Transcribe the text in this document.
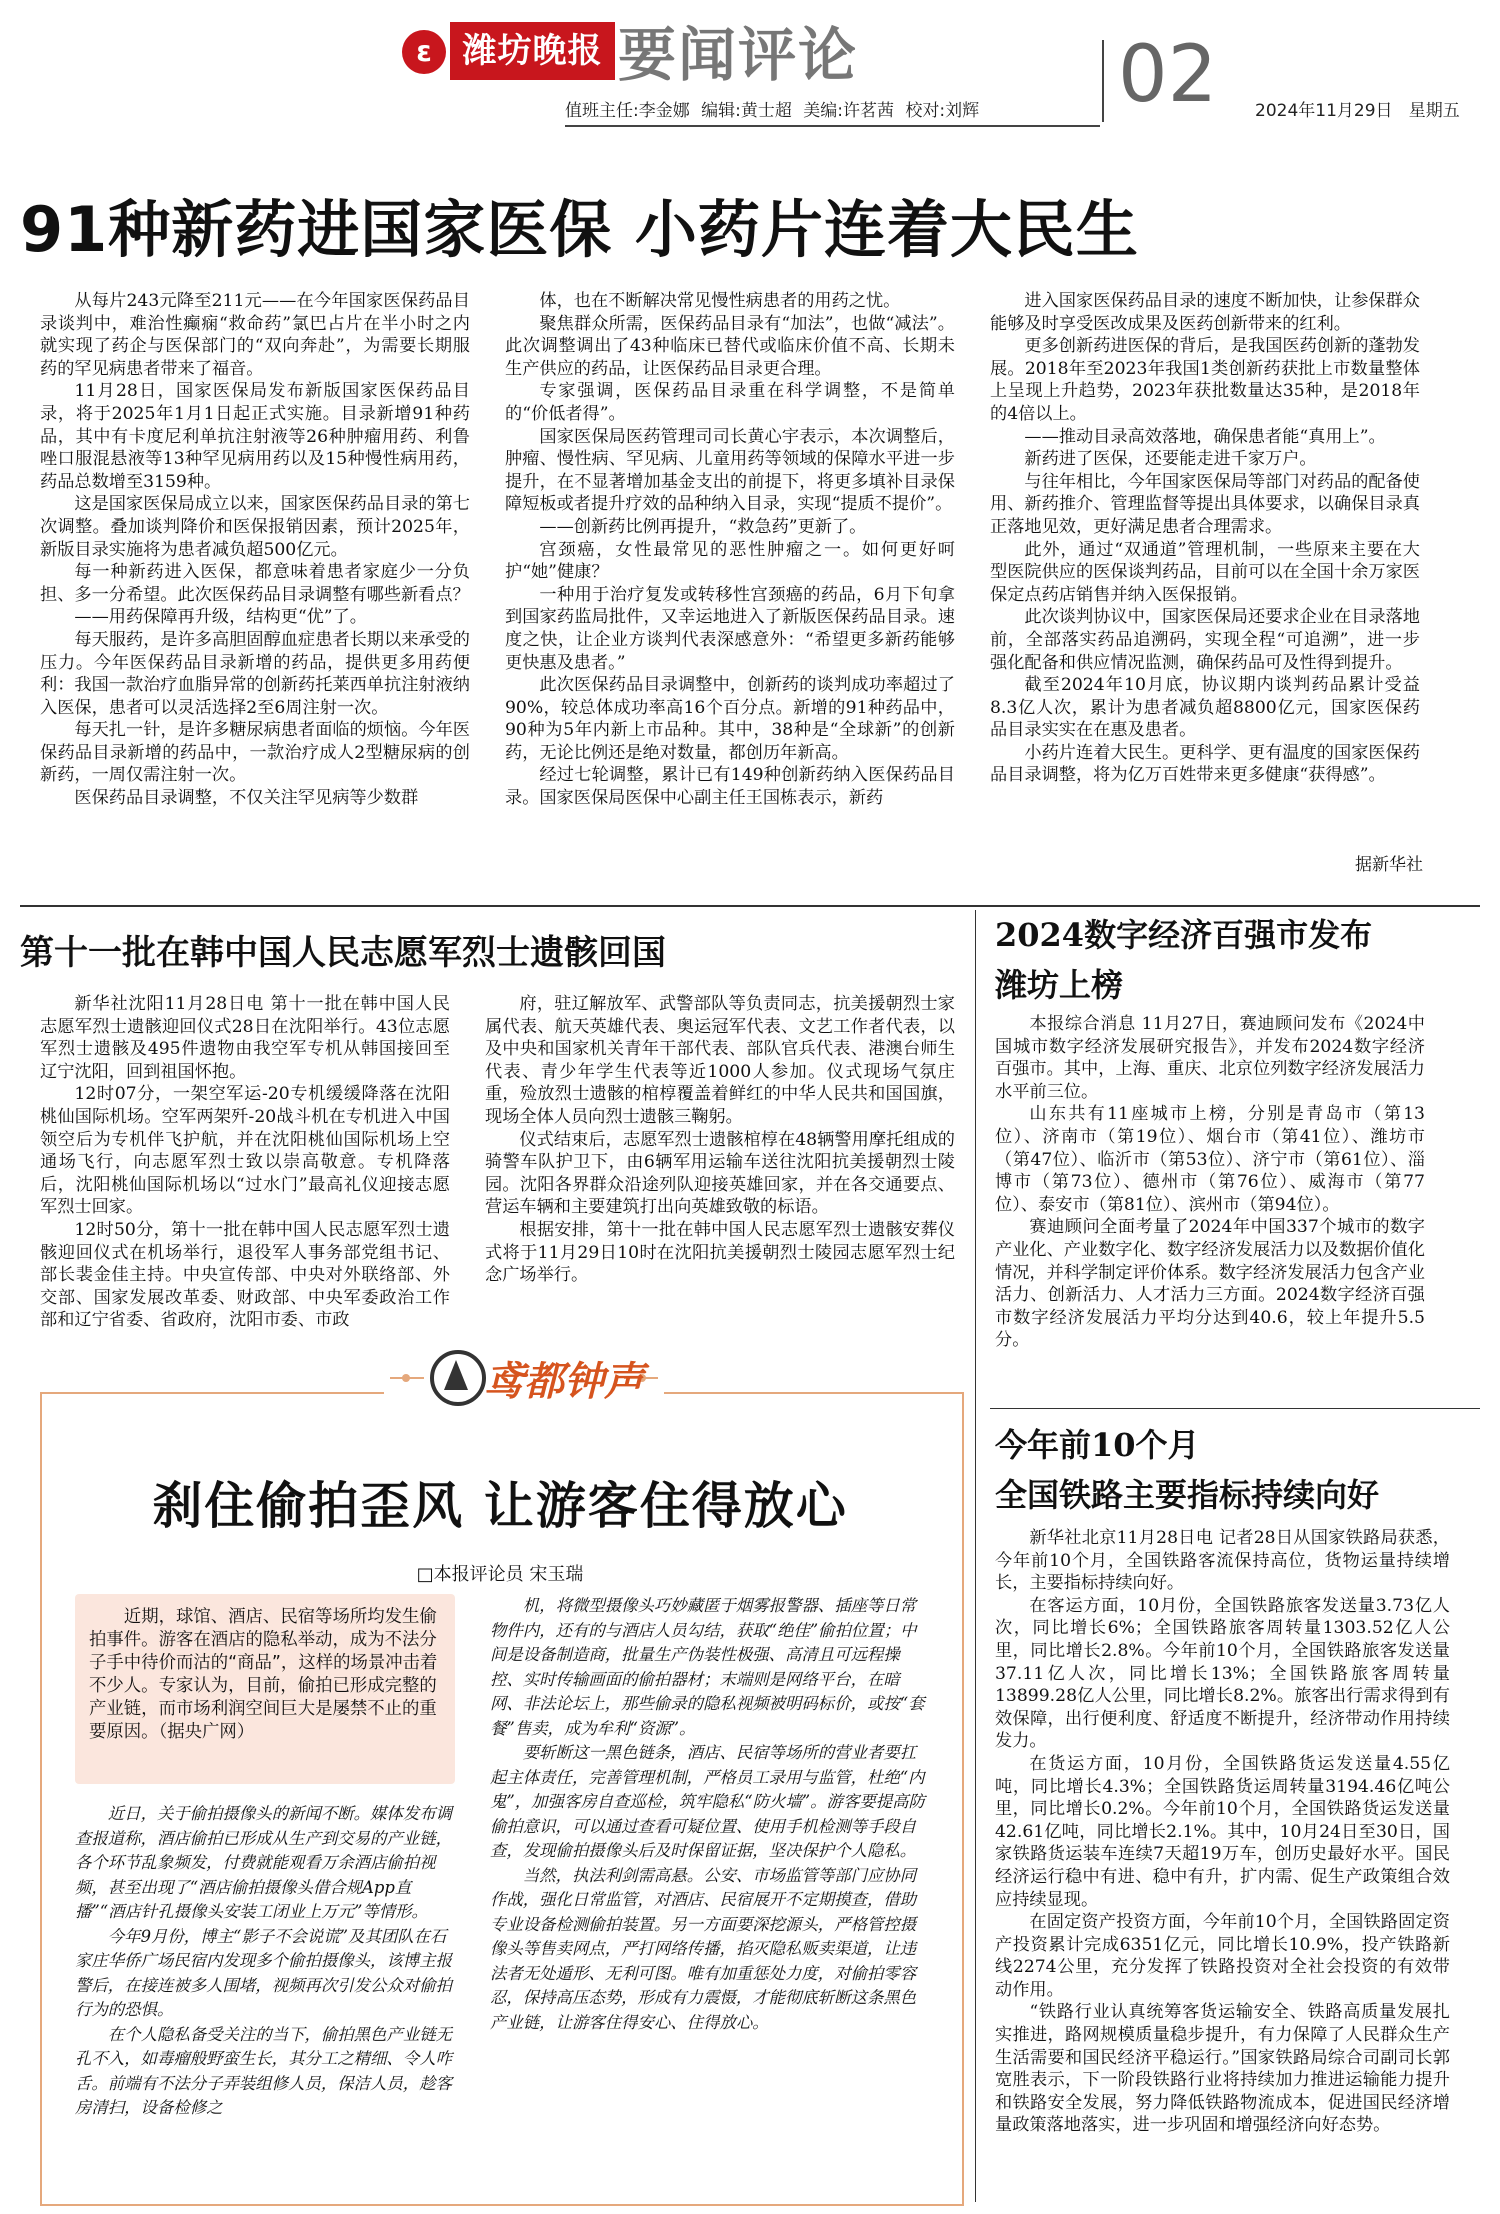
ε 潍坊晚报 要闻评论	02
值班主任:李金娜 编辑:黄士超 美编:许茗茜 校对:刘辉	2024年11月29日 星期五
91种新药进国家医保 小药片连着大民生

从每片243元降至211元——在今年国家医保药品目录谈判中，难治性癫痫“救命药”氯巴占片在半小时之内就实现了药企与医保部门的“双向奔赴”，为需要长期服药的罕见病患者带来了福音。

11月28日，国家医保局发布新版国家医保药品目录，将于2025年1月1日起正式实施。目录新增91种药品，其中有卡度尼利单抗注射液等26种肿瘤用药、利鲁唑口服混悬液等13种罕见病用药以及15种慢性病用药，药品总数增至3159种。

这是国家医保局成立以来，国家医保药品目录的第七次调整。叠加谈判降价和医保报销因素，预计2025年，新版目录实施将为患者减负超500亿元。

每一种新药进入医保，都意味着患者家庭少一分负担、多一分希望。此次医保药品目录调整有哪些新看点？

——用药保障再升级，结构更“优”了。

每天服药，是许多高胆固醇血症患者长期以来承受的压力。今年医保药品目录新增的药品，提供更多用药便利：我国一款治疗血脂异常的创新药托莱西单抗注射液纳入医保，患者可以灵活选择2至6周注射一次。

每天扎一针，是许多糖尿病患者面临的烦恼。今年医保药品目录新增的药品中，一款治疗成人2型糖尿病的创新药，一周仅需注射一次。

医保药品目录调整，不仅关注罕见病等少数群

体，也在不断解决常见慢性病患者的用药之忧。

聚焦群众所需，医保药品目录有“加法”，也做“减法”。此次调整调出了43种临床已替代或临床价值不高、长期未生产供应的药品，让医保药品目录更合理。

专家强调，医保药品目录重在科学调整，不是简单的“价低者得”。

国家医保局医药管理司司长黄心宇表示，本次调整后，肿瘤、慢性病、罕见病、儿童用药等领域的保障水平进一步提升，在不显著增加基金支出的前提下，将更多填补目录保障短板或者提升疗效的品种纳入目录，实现“提质不提价”。

——创新药比例再提升，“救急药”更新了。

宫颈癌，女性最常见的恶性肿瘤之一。如何更好呵护“她”健康？

一种用于治疗复发或转移性宫颈癌的药品，6月下旬拿到国家药监局批件，又幸运地进入了新版医保药品目录。速度之快，让企业方谈判代表深感意外：“希望更多新药能够更快惠及患者。”

此次医保药品目录调整中，创新药的谈判成功率超过了90%，较总体成功率高16个百分点。新增的91种药品中，90种为5年内新上市品种。其中，38种是“全球新”的创新药，无论比例还是绝对数量，都创历年新高。

经过七轮调整，累计已有149种创新药纳入医保药品目录。国家医保局医保中心副主任王国栋表示，新药

进入国家医保药品目录的速度不断加快，让参保群众能够及时享受医改成果及医药创新带来的红利。

更多创新药进医保的背后，是我国医药创新的蓬勃发展。2018年至2023年我国1类创新药获批上市数量整体上呈现上升趋势，2023年获批数量达35种，是2018年的4倍以上。

——推动目录高效落地，确保患者能“真用上”。

新药进了医保，还要能走进千家万户。

与往年相比，今年国家医保局等部门对药品的配备使用、新药推介、管理监督等提出具体要求，以确保目录真正落地见效，更好满足患者合理需求。

此外，通过“双通道”管理机制，一些原来主要在大型医院供应的医保谈判药品，目前可以在全国十余万家医保定点药店销售并纳入医保报销。

此次谈判协议中，国家医保局还要求企业在目录落地前，全部落实药品追溯码，实现全程“可追溯”，进一步强化配备和供应情况监测，确保药品可及性得到提升。

截至2024年10月底，协议期内谈判药品累计受益8.3亿人次，累计为患者减负超8800亿元，国家医保药品目录实实在在惠及患者。

小药片连着大民生。更科学、更有温度的国家医保药品目录调整，将为亿万百姓带来更多健康“获得感”。

据新华社
第十一批在韩中国人民志愿军烈士遗骸回国

新华社沈阳11月28日电 第十一批在韩中国人民志愿军烈士遗骸迎回仪式28日在沈阳举行。43位志愿军烈士遗骸及495件遗物由我空军专机从韩国接回至辽宁沈阳，回到祖国怀抱。

12时07分，一架空军运-20专机缓缓降落在沈阳桃仙国际机场。空军两架歼-20战斗机在专机进入中国领空后为专机伴飞护航，并在沈阳桃仙国际机场上空通场飞行，向志愿军烈士致以崇高敬意。专机降落后，沈阳桃仙国际机场以“过水门”最高礼仪迎接志愿军烈士回家。

12时50分，第十一批在韩中国人民志愿军烈士遗骸迎回仪式在机场举行，退役军人事务部党组书记、部长裴金佳主持。中央宣传部、中央对外联络部、外交部、国家发展改革委、财政部、中央军委政治工作部和辽宁省委、省政府，沈阳市委、市政

府，驻辽解放军、武警部队等负责同志，抗美援朝烈士家属代表、航天英雄代表、奥运冠军代表、文艺工作者代表，以及中央和国家机关青年干部代表、部队官兵代表、港澳台师生代表、青少年学生代表等近1000人参加。仪式现场气氛庄重，殓放烈士遗骸的棺椁覆盖着鲜红的中华人民共和国国旗，现场全体人员向烈士遗骸三鞠躬。

仪式结束后，志愿军烈士遗骸棺椁在48辆警用摩托组成的骑警车队护卫下，由6辆军用运输车送往沈阳抗美援朝烈士陵园。沈阳各界群众沿途列队迎接英雄回家，并在各交通要点、营运车辆和主要建筑打出向英雄致敬的标语。

根据安排，第十一批在韩中国人民志愿军烈士遗骸安葬仪式将于11月29日10时在沈阳抗美援朝烈士陵园志愿军烈士纪念广场举行。

2024数字经济百强市发布
潍坊上榜

本报综合消息 11月27日，赛迪顾问发布《2024中国城市数字经济发展研究报告》，并发布2024数字经济百强市。其中，上海、重庆、北京位列数字经济发展活力水平前三位。

山东共有11座城市上榜，分别是青岛市（第13位）、济南市（第19位）、烟台市（第41位）、潍坊市（第47位）、临沂市（第53位）、济宁市（第61位）、淄博市（第73位）、德州市（第76位）、威海市（第77位）、泰安市（第81位）、滨州市（第94位）。

赛迪顾问全面考量了2024年中国337个城市的数字产业化、产业数字化、数字经济发展活力以及数据价值化情况，并科学制定评价体系。数字经济发展活力包含产业活力、创新活力、人才活力三方面。2024数字经济百强市数字经济发展活力平均分达到40.6，较上年提升5.5分。

今年前10个月
全国铁路主要指标持续向好

新华社北京11月28日电 记者28日从国家铁路局获悉，今年前10个月，全国铁路客流保持高位，货物运量持续增长，主要指标持续向好。

在客运方面，10月份，全国铁路旅客发送量3.73亿人次，同比增长6%；全国铁路旅客周转量1303.52亿人公里，同比增长2.8%。今年前10个月，全国铁路旅客发送量37.11亿人次，同比增长13%；全国铁路旅客周转量13899.28亿人公里，同比增长8.2%。旅客出行需求得到有效保障，出行便利度、舒适度不断提升，经济带动作用持续发力。

在货运方面，10月份，全国铁路货运发送量4.55亿吨，同比增长4.3%；全国铁路货运周转量3194.46亿吨公里，同比增长0.2%。今年前10个月，全国铁路货运发送量42.61亿吨，同比增长2.1%。其中，10月24日至30日，国家铁路货运装车连续7天超19万车，创历史最好水平。国民经济运行稳中有进、稳中有升，扩内需、促生产政策组合效应持续显现。

在固定资产投资方面，今年前10个月，全国铁路固定资产投资累计完成6351亿元，同比增长10.9%，投产铁路新线2274公里，充分发挥了铁路投资对全社会投资的有效带动作用。

“铁路行业认真统筹客货运输安全、铁路高质量发展扎实推进，路网规模质量稳步提升，有力保障了人民群众生产生活需要和国民经济平稳运行。”国家铁路局综合司副司长郭宽胜表示，下一阶段铁路行业将持续加力推进运输能力提升和铁路安全发展，努力降低铁路物流成本，促进国民经济增量政策落地落实，进一步巩固和增强经济向好态势。

鸢都钟声
刹住偷拍歪风 让游客住得放心
□本报评论员 宋玉瑞

近期，球馆、酒店、民宿等场所均发生偷拍事件。游客在酒店的隐私举动，成为不法分子手中待价而沽的“商品”，这样的场景冲击着不少人。专家认为，目前，偷拍已形成完整的产业链，而市场利润空间巨大是屡禁不止的重要原因。（据央广网）

近日，关于偷拍摄像头的新闻不断。媒体发布调查报道称，酒店偷拍已形成从生产到交易的产业链，各个环节乱象频发，付费就能观看万余酒店偷拍视频，甚至出现了“酒店偷拍摄像头借合规App直播”“酒店针孔摄像头安装工闭业上万元”等情形。

今年9月份，博主“影子不会说谎”及其团队在石家庄华侨广场民宿内发现多个偷拍摄像头，该博主报警后，在接连被多人围堵，视频再次引发公众对偷拍行为的恐惧。

在个人隐私备受关注的当下，偷拍黑色产业链无孔不入，如毒瘤般野蛮生长，其分工之精细、令人咋舌。前端有不法分子弄装组修人员，保洁人员，趁客房清扫，设备检修之

机，将微型摄像头巧妙藏匿于烟雾报警器、插座等日常物件内，还有的与酒店人员勾结，获取“绝佳”偷拍位置；中间是设备制造商，批量生产伪装性极强、高清且可远程操控、实时传输画面的偷拍器材；末端则是网络平台，在暗网、非法论坛上，那些偷录的隐私视频被明码标价，或按“套餐”售卖，成为牟利“资源”。

要斩断这一黑色链条，酒店、民宿等场所的营业者要扛起主体责任，完善管理机制，严格员工录用与监管，杜绝“内鬼”，加强客房自查巡检，筑牢隐私“防火墙”。游客要提高防偷拍意识，可以通过查看可疑位置、使用手机检测等手段自查，发现偷拍摄像头后及时保留证据，坚决保护个人隐私。

当然，执法利剑需高悬。公安、市场监管等部门应协同作战，强化日常监管，对酒店、民宿展开不定期摸查，借助专业设备检测偷拍装置。另一方面要深挖源头，严格管控摄像头等售卖网点，严打网络传播，掐灭隐私贩卖渠道，让违法者无处遁形、无利可图。唯有加重惩处力度，对偷拍零容忍，保持高压态势，形成有力震慑，才能彻底斩断这条黑色产业链，让游客住得安心、住得放心。
